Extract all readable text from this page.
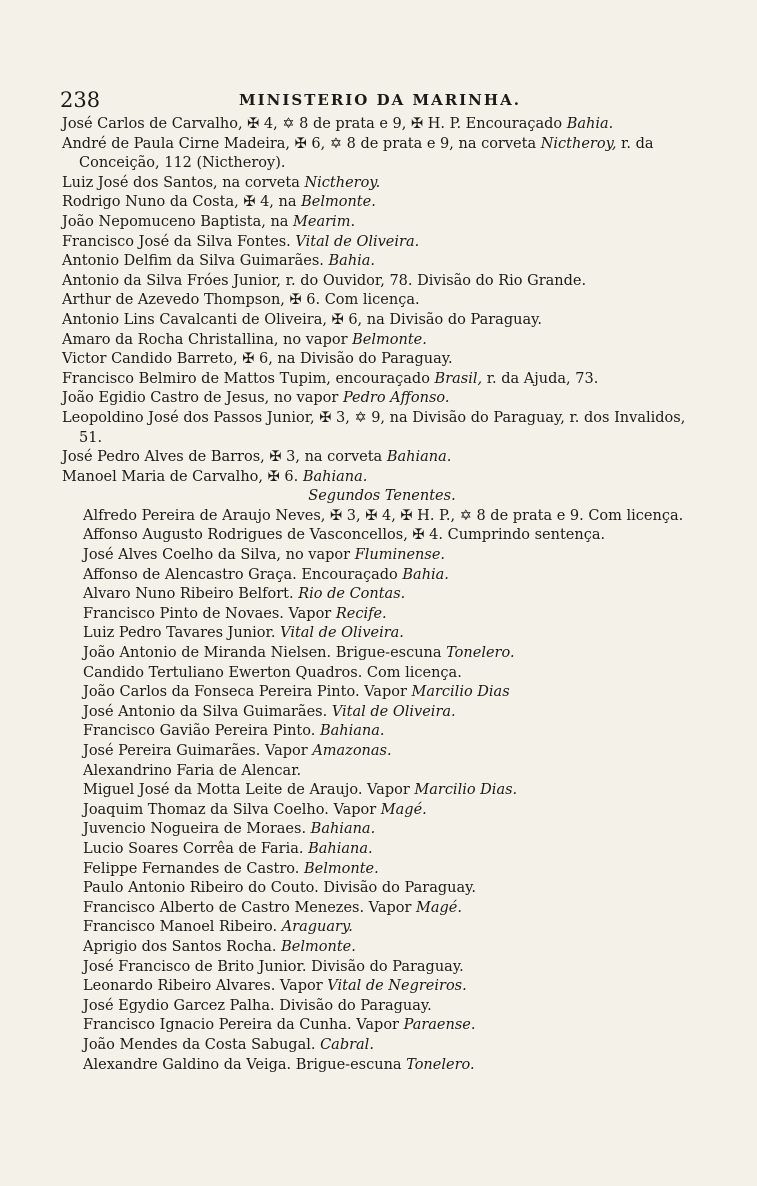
238	MINISTERIO DA MARINHA.

José Carlos de Carvalho, ✠ 4, ✡ 8 de prata e 9, ✠ H. P. Encouraçado Bahia.

André de Paula Cirne Madeira, ✠ 6, ✡ 8 de prata e 9, na corveta Nictheroy, r. da Conceição, 112 (Nictheroy).

Luiz José dos Santos, na corveta Nictheroy.

Rodrigo Nuno da Costa, ✠ 4, na Belmonte.

João Nepomuceno Baptista, na Mearim.

Francisco José da Silva Fontes. Vital de Oliveira.

Antonio Delfim da Silva Guimarães. Bahia.

Antonio da Silva Fróes Junior, r. do Ouvidor, 78. Divisão do Rio Grande.

Arthur de Azevedo Thompson, ✠ 6. Com licença.

Antonio Lins Cavalcanti de Oliveira, ✠ 6, na Divisão do Paraguay.

Amaro da Rocha Christallina, no vapor Belmonte.

Victor Candido Barreto, ✠ 6, na Divisão do Paraguay.

Francisco Belmiro de Mattos Tupim, encouraçado Brasil, r. da Ajuda, 73.

João Egidio Castro de Jesus, no vapor Pedro Affonso.

Leopoldino José dos Passos Junior, ✠ 3, ✡ 9, na Divisão do Paraguay, r. dos Invalidos, 51.

José Pedro Alves de Barros, ✠ 3, na corveta Bahiana.

Manoel Maria de Carvalho, ✠ 6. Bahiana.

Segundos Tenentes.

Alfredo Pereira de Araujo Neves, ✠ 3, ✠ 4, ✠ H. P., ✡ 8 de prata e 9. Com licença.

Affonso Augusto Rodrigues de Vasconcellos, ✠ 4. Cumprindo sentença.

José Alves Coelho da Silva, no vapor Fluminense.

Affonso de Alencastro Graça. Encouraçado Bahia.

Alvaro Nuno Ribeiro Belfort. Rio de Contas.

Francisco Pinto de Novaes. Vapor Recife.

Luiz Pedro Tavares Junior. Vital de Oliveira.

João Antonio de Miranda Nielsen. Brigue-escuna Tonelero.

Candido Tertuliano Ewerton Quadros. Com licença.

João Carlos da Fonseca Pereira Pinto. Vapor Marcilio Dias

José Antonio da Silva Guimarães. Vital de Oliveira.

Francisco Gavião Pereira Pinto. Bahiana.

José Pereira Guimarães. Vapor Amazonas.

Alexandrino Faria de Alencar.

Miguel José da Motta Leite de Araujo. Vapor Marcilio Dias.

Joaquim Thomaz da Silva Coelho. Vapor Magé.

Juvencio Nogueira de Moraes. Bahiana.

Lucio Soares Corrêa de Faria. Bahiana.

Felippe Fernandes de Castro. Belmonte.

Paulo Antonio Ribeiro do Couto. Divisão do Paraguay.

Francisco Alberto de Castro Menezes. Vapor Magé.

Francisco Manoel Ribeiro. Araguary.

Aprigio dos Santos Rocha. Belmonte.

José Francisco de Brito Junior. Divisão do Paraguay.

Leonardo Ribeiro Alvares. Vapor Vital de Negreiros.

José Egydio Garcez Palha. Divisão do Paraguay.

Francisco Ignacio Pereira da Cunha. Vapor Paraense.

João Mendes da Costa Sabugal. Cabral.

Alexandre Galdino da Veiga. Brigue-escuna Tonelero.
